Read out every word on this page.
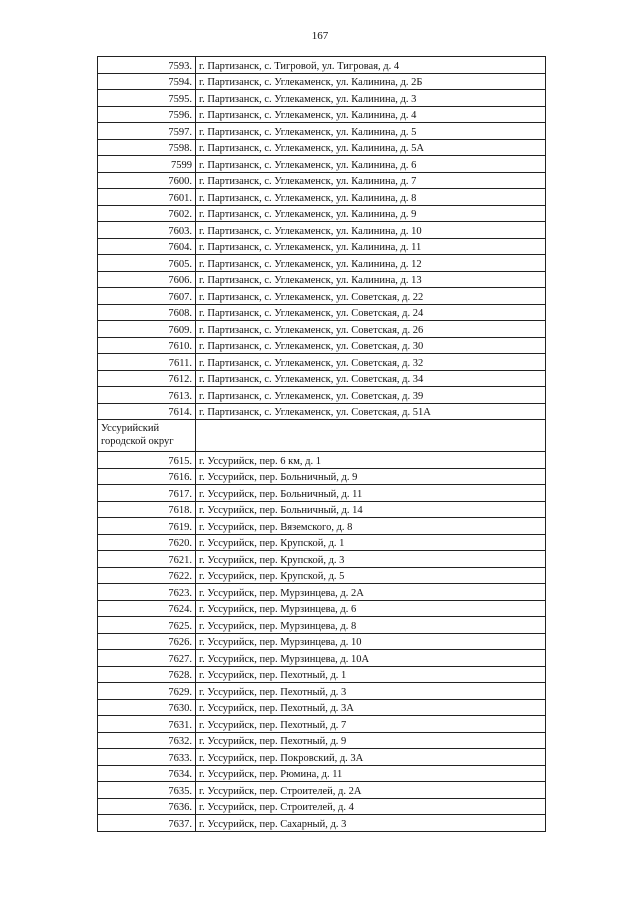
167
7593.	г. Партизанск, с. Тигровой, ул. Тигровая, д. 4
7594.	г. Партизанск, с. Углекаменск, ул. Калинина, д. 2Б
7595.	г. Партизанск, с. Углекаменск, ул. Калинина, д. 3
7596.	г. Партизанск, с. Углекаменск, ул. Калинина, д. 4
7597.	г. Партизанск, с. Углекаменск, ул. Калинина, д. 5
7598.	г. Партизанск, с. Углекаменск, ул. Калинина, д. 5А
7599	г. Партизанск, с. Углекаменск, ул. Калинина, д. 6
7600.	г. Партизанск, с. Углекаменск, ул. Калинина, д. 7
7601.	г. Партизанск, с. Углекаменск, ул. Калинина, д. 8
7602.	г. Партизанск, с. Углекаменск, ул. Калинина, д. 9
7603.	г. Партизанск, с. Углекаменск, ул. Калинина, д. 10
7604.	г. Партизанск, с. Углекаменск, ул. Калинина, д. 11
7605.	г. Партизанск, с. Углекаменск, ул. Калинина, д. 12
7606.	г. Партизанск, с. Углекаменск, ул. Калинина, д. 13
7607.	г. Партизанск, с. Углекаменск, ул. Советская, д. 22
7608.	г. Партизанск, с. Углекаменск, ул. Советская, д. 24
7609.	г. Партизанск, с. Углекаменск, ул. Советская, д. 26
7610.	г. Партизанск, с. Углекаменск, ул. Советская, д. 30
7611.	г. Партизанск, с. Углекаменск, ул. Советская, д. 32
7612.	г. Партизанск, с. Углекаменск, ул. Советская, д. 34
7613.	г. Партизанск, с. Углекаменск, ул. Советская, д. 39
7614.	г. Партизанск, с. Углекаменск, ул. Советская, д. 51А
Уссурийский городской округ	
7615.	г. Уссурийск, пер. 6 км, д. 1
7616.	г. Уссурийск, пер. Больничный, д. 9
7617.	г. Уссурийск, пер. Больничный, д. 11
7618.	г. Уссурийск, пер. Больничный, д. 14
7619.	г. Уссурийск, пер. Вяземского, д. 8
7620.	г. Уссурийск, пер. Крупской, д. 1
7621.	г. Уссурийск, пер. Крупской, д. 3
7622.	г. Уссурийск, пер. Крупской, д. 5
7623.	г. Уссурийск, пер. Мурзинцева, д. 2А
7624.	г. Уссурийск, пер. Мурзинцева, д. 6
7625.	г. Уссурийск, пер. Мурзинцева, д. 8
7626.	г. Уссурийск, пер. Мурзинцева, д. 10
7627.	г. Уссурийск, пер. Мурзинцева, д. 10А
7628.	г. Уссурийск, пер. Пехотный, д. 1
7629.	г. Уссурийск, пер. Пехотный, д. 3
7630.	г. Уссурийск, пер. Пехотный, д. 3А
7631.	г. Уссурийск, пер. Пехотный, д. 7
7632.	г. Уссурийск, пер. Пехотный, д. 9
7633.	г. Уссурийск, пер. Покровский, д. 3А
7634.	г. Уссурийск, пер. Рюмина, д. 11
7635.	г. Уссурийск, пер. Строителей, д. 2А
7636.	г. Уссурийск, пер. Строителей, д. 4
7637.	г. Уссурийск, пер. Сахарный, д. 3
